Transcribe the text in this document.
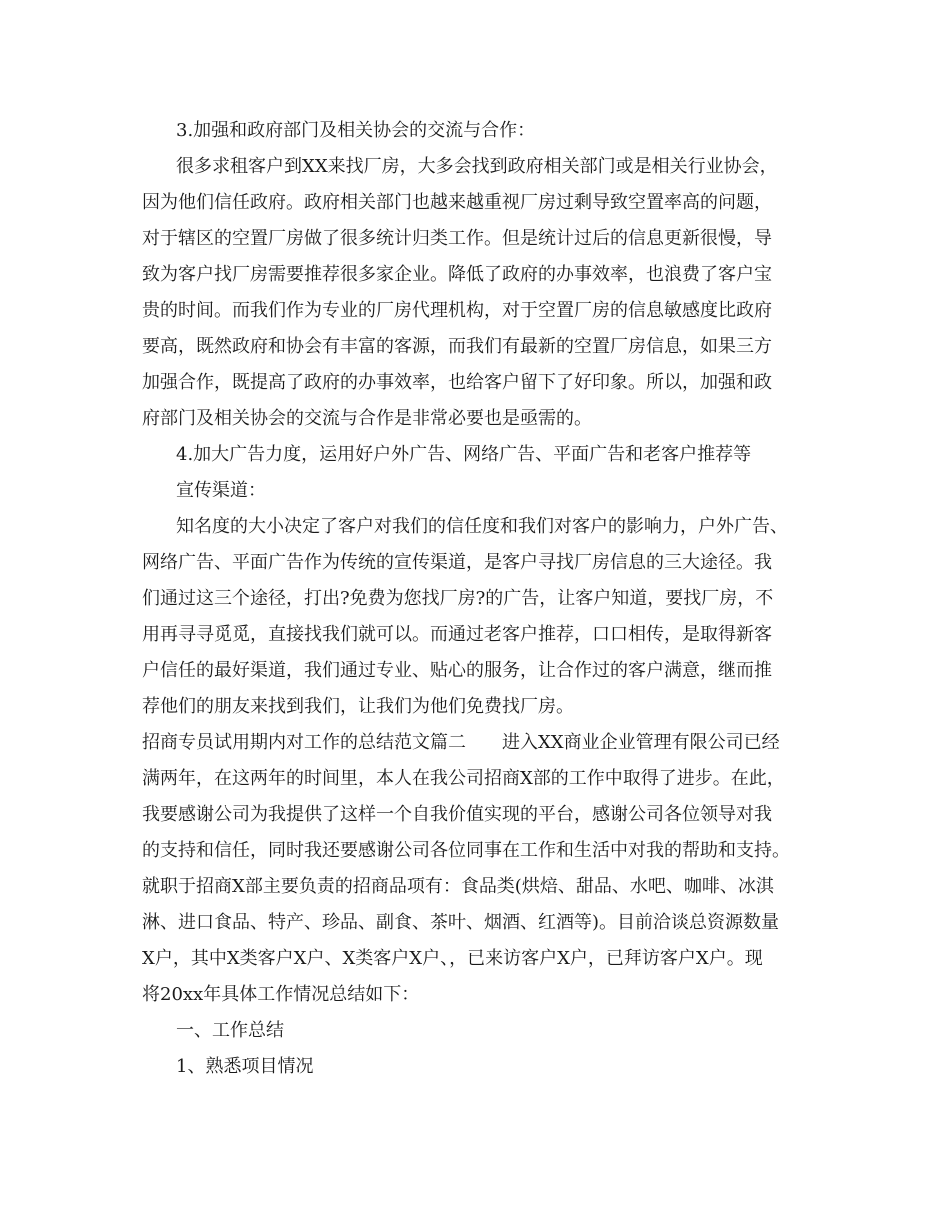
3.加强和政府部门及相关协会的交流与合作：
很多求租客户到XX来找厂房，大多会找到政府相关部门或是相关行业协会，
因为他们信任政府。政府相关部门也越来越重视厂房过剩导致空置率高的问题，
对于辖区的空置厂房做了很多统计归类工作。但是统计过后的信息更新很慢，导
致为客户找厂房需要推荐很多家企业。降低了政府的办事效率，也浪费了客户宝
贵的时间。而我们作为专业的厂房代理机构，对于空置厂房的信息敏感度比政府
要高，既然政府和协会有丰富的客源，而我们有最新的空置厂房信息，如果三方
加强合作，既提高了政府的办事效率，也给客户留下了好印象。所以，加强和政
府部门及相关协会的交流与合作是非常必要也是亟需的。
4.加大广告力度，运用好户外广告、网络广告、平面广告和老客户推荐等
宣传渠道：
知名度的大小决定了客户对我们的信任度和我们对客户的影响力，户外广告、
网络广告、平面广告作为传统的宣传渠道，是客户寻找厂房信息的三大途径。我
们通过这三个途径，打出?免费为您找厂房?的广告，让客户知道，要找厂房，不
用再寻寻觅觅，直接找我们就可以。而通过老客户推荐，口口相传，是取得新客
户信任的最好渠道，我们通过专业、贴心的服务，让合作过的客户满意，继而推
荐他们的朋友来找到我们，让我们为他们免费找厂房。
招商专员试用期内对工作的总结范文篇二　　进入XX商业企业管理有限公司已经
满两年，在这两年的时间里，本人在我公司招商X部的工作中取得了进步。在此，
我要感谢公司为我提供了这样一个自我价值实现的平台，感谢公司各位领导对我
的支持和信任，同时我还要感谢公司各位同事在工作和生活中对我的帮助和支持。
就职于招商X部主要负责的招商品项有：食品类(烘焙、甜品、水吧、咖啡、冰淇
淋、进口食品、特产、珍品、副食、茶叶、烟酒、红酒等)。目前洽谈总资源数量
X户，其中X类客户X户、X类客户X户、，已来访客户X户，已拜访客户X户。现
将20xx年具体工作情况总结如下：
一、工作总结
1、熟悉项目情况
